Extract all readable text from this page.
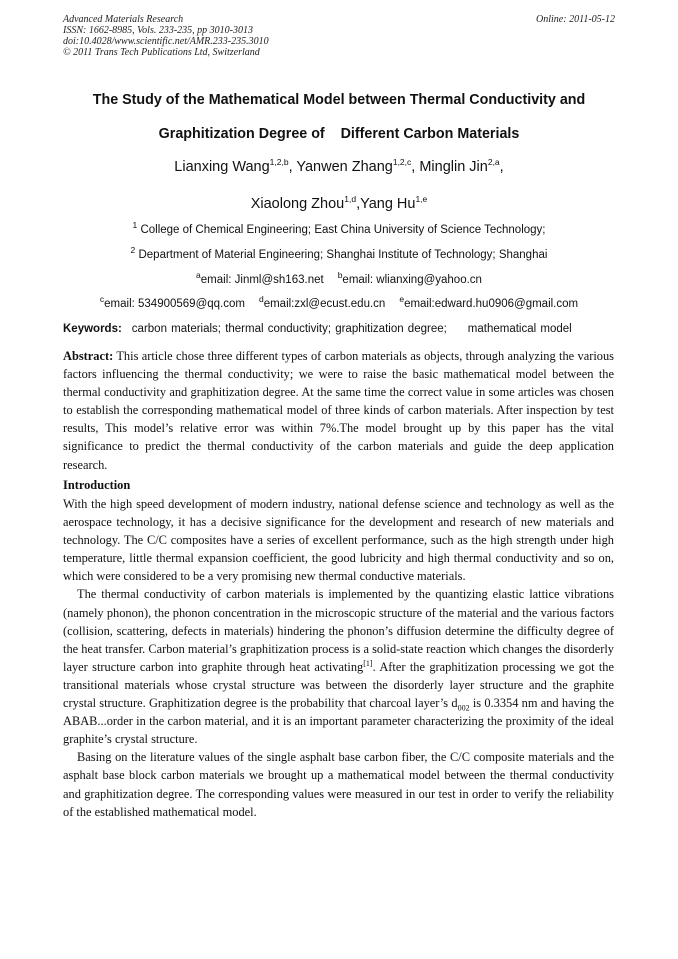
Advanced Materials Research
ISSN: 1662-8985, Vols. 233-235, pp 3010-3013
doi:10.4028/www.scientific.net/AMR.233-235.3010
© 2011 Trans Tech Publications Ltd, Switzerland
Online: 2011-05-12
The Study of the Mathematical Model between Thermal Conductivity and
Graphitization Degree of    Different Carbon Materials
Lianxing Wang$^{1,2,b}$, Yanwen Zhang$^{1,2,c}$, Minglin Jin$^{2,a}$,
Xiaolong Zhou$^{1,d}$,Yang Hu$^{1,e}$
$^1$ College of Chemical Engineering; East China University of Science Technology;
$^2$ Department of Material Engineering; Shanghai Institute of Technology; Shanghai
$^a$email: Jinml@sh163.net $^b$email: wlianxing@yahoo.cn
$^c$email: 534900569@qq.com $^d$email:zxl@ecust.edu.cn $^e$email:edward.hu0906@gmail.com
Keywords: carbon materials; thermal conductivity; graphitization degree;     mathematical model

Abstract: This article chose three different types of carbon materials as objects, through analyzing the various factors influencing the thermal conductivity; we were to raise the basic mathematical model between the thermal conductivity and graphitization degree. At the same time the correct value in some articles was chosen to establish the corresponding mathematical model of three kinds of carbon materials. After inspection by test results, This model’s relative error was within 7%.The model brought up by this paper has the vital significance to predict the thermal conductivity of the carbon materials and guide the deep application research.

Introduction

With the high speed development of modern industry, national defense science and technology as well as the aerospace technology, it has a decisive significance for the development and research of new materials and technology. The C/C composites have a series of excellent performance, such as the high strength under high temperature, little thermal expansion coefficient, the good lubricity and high thermal conductivity and so on, which were considered to be a very promising new thermal conductive materials.

The thermal conductivity of carbon materials is implemented by the quantizing elastic lattice vibrations (namely phonon), the phonon concentration in the microscopic structure of the material and the various factors (collision, scattering, defects in materials) hindering the phonon’s diffusion determine the difficulty degree of the heat transfer. Carbon material’s graphitization process is a solid-state reaction which changes the disorderly layer structure carbon into graphite through heat activating[1]. After the graphitization processing we got the transitional materials whose crystal structure was between the disorderly layer structure and the graphite crystal structure. Graphitization degree is the probability that charcoal layer’s $d_{002}$ is 0.3354 nm and having the ABAB...order in the carbon material, and it is an important parameter characterizing the proximity of the ideal graphite’s crystal structure.

Basing on the literature values of the single asphalt base carbon fiber, the C/C composite materials and the asphalt base block carbon materials we brought up a mathematical model between the thermal conductivity and graphitization degree. The corresponding values were measured in our test in order to verify the reliability of the established mathematical model.
